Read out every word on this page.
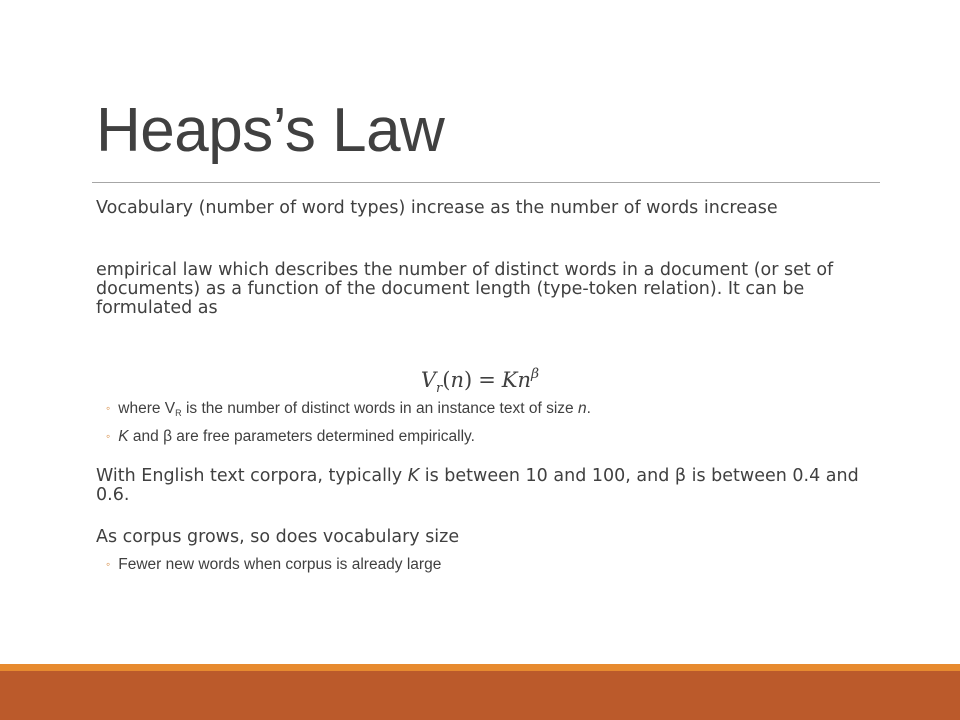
Heaps’s Law
Vocabulary (number of word types) increase as the number of words increase
empirical law which describes the number of distinct words in a document (or set of documents) as a function of the document length (type-token relation). It can be formulated as
$V_r(n) = Kn^\beta$
◦ where $V_R$ is the number of distinct words in an instance text of size n.
◦ K and β are free parameters determined empirically.
With English text corpora, typically K is between 10 and 100, and β is between 0.4 and 0.6.
As corpus grows, so does vocabulary size
◦ Fewer new words when corpus is already large
